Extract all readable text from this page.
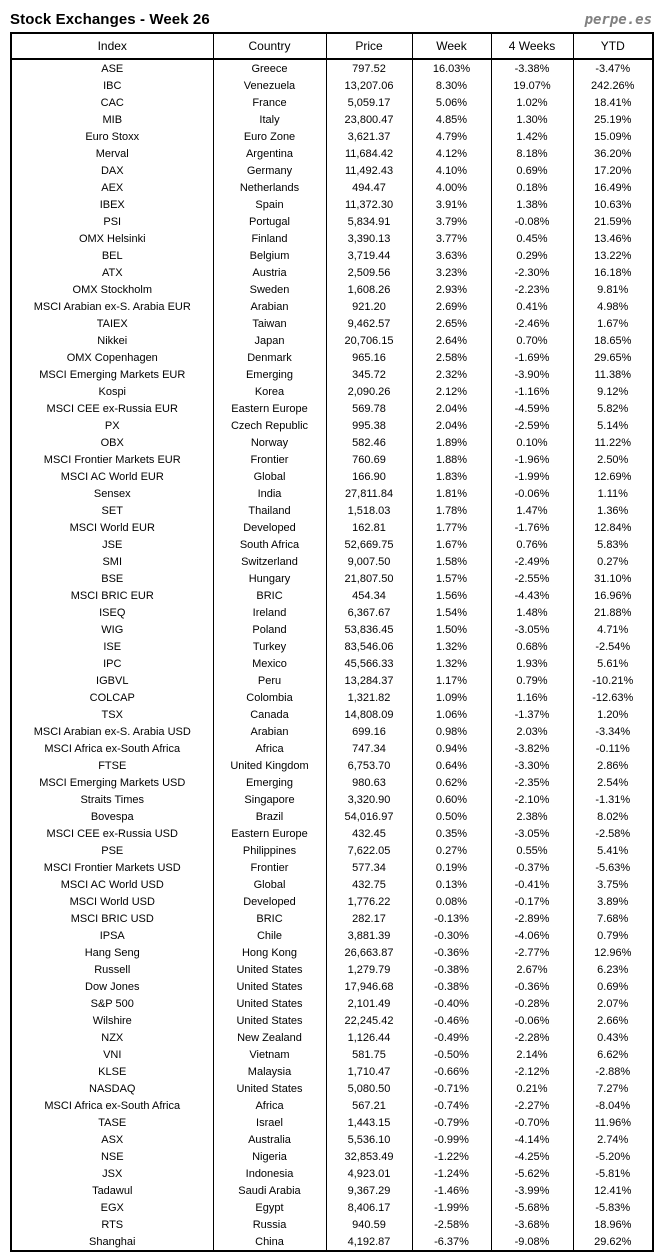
Stock Exchanges - Week 26	perpe.es
Index	Country	Price	Week	4 Weeks	YTD
ASE	Greece	797.52	16.03%	-3.38%	-3.47%
IBC	Venezuela	13,207.06	8.30%	19.07%	242.26%
CAC	France	5,059.17	5.06%	1.02%	18.41%
MIB	Italy	23,800.47	4.85%	1.30%	25.19%
Euro Stoxx	Euro Zone	3,621.37	4.79%	1.42%	15.09%
Merval	Argentina	11,684.42	4.12%	8.18%	36.20%
DAX	Germany	11,492.43	4.10%	0.69%	17.20%
AEX	Netherlands	494.47	4.00%	0.18%	16.49%
IBEX	Spain	11,372.30	3.91%	1.38%	10.63%
PSI	Portugal	5,834.91	3.79%	-0.08%	21.59%
OMX Helsinki	Finland	3,390.13	3.77%	0.45%	13.46%
BEL	Belgium	3,719.44	3.63%	0.29%	13.22%
ATX	Austria	2,509.56	3.23%	-2.30%	16.18%
OMX Stockholm	Sweden	1,608.26	2.93%	-2.23%	9.81%
MSCI Arabian ex-S. Arabia EUR	Arabian	921.20	2.69%	0.41%	4.98%
TAIEX	Taiwan	9,462.57	2.65%	-2.46%	1.67%
Nikkei	Japan	20,706.15	2.64%	0.70%	18.65%
OMX Copenhagen	Denmark	965.16	2.58%	-1.69%	29.65%
MSCI Emerging Markets EUR	Emerging	345.72	2.32%	-3.90%	11.38%
Kospi	Korea	2,090.26	2.12%	-1.16%	9.12%
MSCI CEE ex-Russia EUR	Eastern Europe	569.78	2.04%	-4.59%	5.82%
PX	Czech Republic	995.38	2.04%	-2.59%	5.14%
OBX	Norway	582.46	1.89%	0.10%	11.22%
MSCI Frontier Markets EUR	Frontier	760.69	1.88%	-1.96%	2.50%
MSCI AC World EUR	Global	166.90	1.83%	-1.99%	12.69%
Sensex	India	27,811.84	1.81%	-0.06%	1.11%
SET	Thailand	1,518.03	1.78%	1.47%	1.36%
MSCI World EUR	Developed	162.81	1.77%	-1.76%	12.84%
JSE	South Africa	52,669.75	1.67%	0.76%	5.83%
SMI	Switzerland	9,007.50	1.58%	-2.49%	0.27%
BSE	Hungary	21,807.50	1.57%	-2.55%	31.10%
MSCI BRIC EUR	BRIC	454.34	1.56%	-4.43%	16.96%
ISEQ	Ireland	6,367.67	1.54%	1.48%	21.88%
WIG	Poland	53,836.45	1.50%	-3.05%	4.71%
ISE	Turkey	83,546.06	1.32%	0.68%	-2.54%
IPC	Mexico	45,566.33	1.32%	1.93%	5.61%
IGBVL	Peru	13,284.37	1.17%	0.79%	-10.21%
COLCAP	Colombia	1,321.82	1.09%	1.16%	-12.63%
TSX	Canada	14,808.09	1.06%	-1.37%	1.20%
MSCI Arabian ex-S. Arabia USD	Arabian	699.16	0.98%	2.03%	-3.34%
MSCI Africa ex-South Africa	Africa	747.34	0.94%	-3.82%	-0.11%
FTSE	United Kingdom	6,753.70	0.64%	-3.30%	2.86%
MSCI Emerging Markets USD	Emerging	980.63	0.62%	-2.35%	2.54%
Straits Times	Singapore	3,320.90	0.60%	-2.10%	-1.31%
Bovespa	Brazil	54,016.97	0.50%	2.38%	8.02%
MSCI CEE ex-Russia USD	Eastern Europe	432.45	0.35%	-3.05%	-2.58%
PSE	Philippines	7,622.05	0.27%	0.55%	5.41%
MSCI Frontier Markets USD	Frontier	577.34	0.19%	-0.37%	-5.63%
MSCI AC World USD	Global	432.75	0.13%	-0.41%	3.75%
MSCI World USD	Developed	1,776.22	0.08%	-0.17%	3.89%
MSCI BRIC USD	BRIC	282.17	-0.13%	-2.89%	7.68%
IPSA	Chile	3,881.39	-0.30%	-4.06%	0.79%
Hang Seng	Hong Kong	26,663.87	-0.36%	-2.77%	12.96%
Russell	United States	1,279.79	-0.38%	2.67%	6.23%
Dow Jones	United States	17,946.68	-0.38%	-0.36%	0.69%
S&P 500	United States	2,101.49	-0.40%	-0.28%	2.07%
Wilshire	United States	22,245.42	-0.46%	-0.06%	2.66%
NZX	New Zealand	1,126.44	-0.49%	-2.28%	0.43%
VNI	Vietnam	581.75	-0.50%	2.14%	6.62%
KLSE	Malaysia	1,710.47	-0.66%	-2.12%	-2.88%
NASDAQ	United States	5,080.50	-0.71%	0.21%	7.27%
MSCI Africa ex-South Africa	Africa	567.21	-0.74%	-2.27%	-8.04%
TASE	Israel	1,443.15	-0.79%	-0.70%	11.96%
ASX	Australia	5,536.10	-0.99%	-4.14%	2.74%
NSE	Nigeria	32,853.49	-1.22%	-4.25%	-5.20%
JSX	Indonesia	4,923.01	-1.24%	-5.62%	-5.81%
Tadawul	Saudi Arabia	9,367.29	-1.46%	-3.99%	12.41%
EGX	Egypt	8,406.17	-1.99%	-5.68%	-5.83%
RTS	Russia	940.59	-2.58%	-3.68%	18.96%
Shanghai	China	4,192.87	-6.37%	-9.08%	29.62%
